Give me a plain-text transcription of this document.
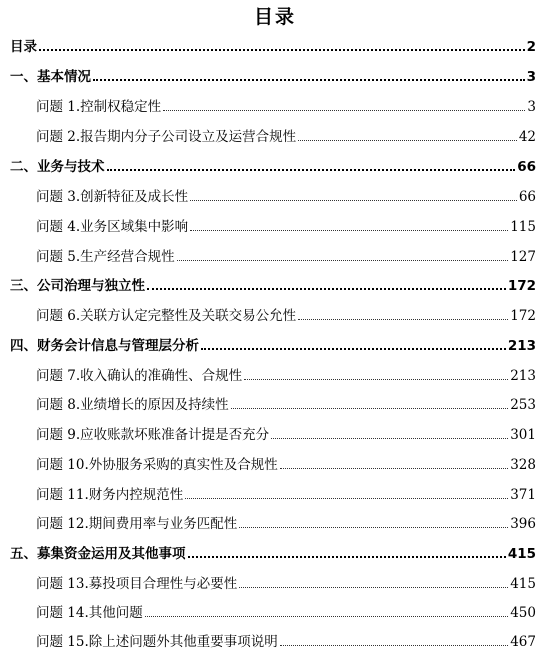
目录
目录	2
一、基本情况	3
问题 1.控制权稳定性	3
问题 2.报告期内分子公司设立及运营合规性	42
二、业务与技术	66
问题 3.创新特征及成长性	66
问题 4.业务区域集中影响	115
问题 5.生产经营合规性	127
三、公司治理与独立性	172
问题 6.关联方认定完整性及关联交易公允性	172
四、财务会计信息与管理层分析	213
问题 7.收入确认的准确性、合规性	213
问题 8.业绩增长的原因及持续性	253
问题 9.应收账款坏账准备计提是否充分	301
问题 10.外协服务采购的真实性及合规性	328
问题 11.财务内控规范性	371
问题 12.期间费用率与业务匹配性	396
五、募集资金运用及其他事项	415
问题 13.募投项目合理性与必要性	415
问题 14.其他问题	450
问题 15.除上述问题外其他重要事项说明	467
